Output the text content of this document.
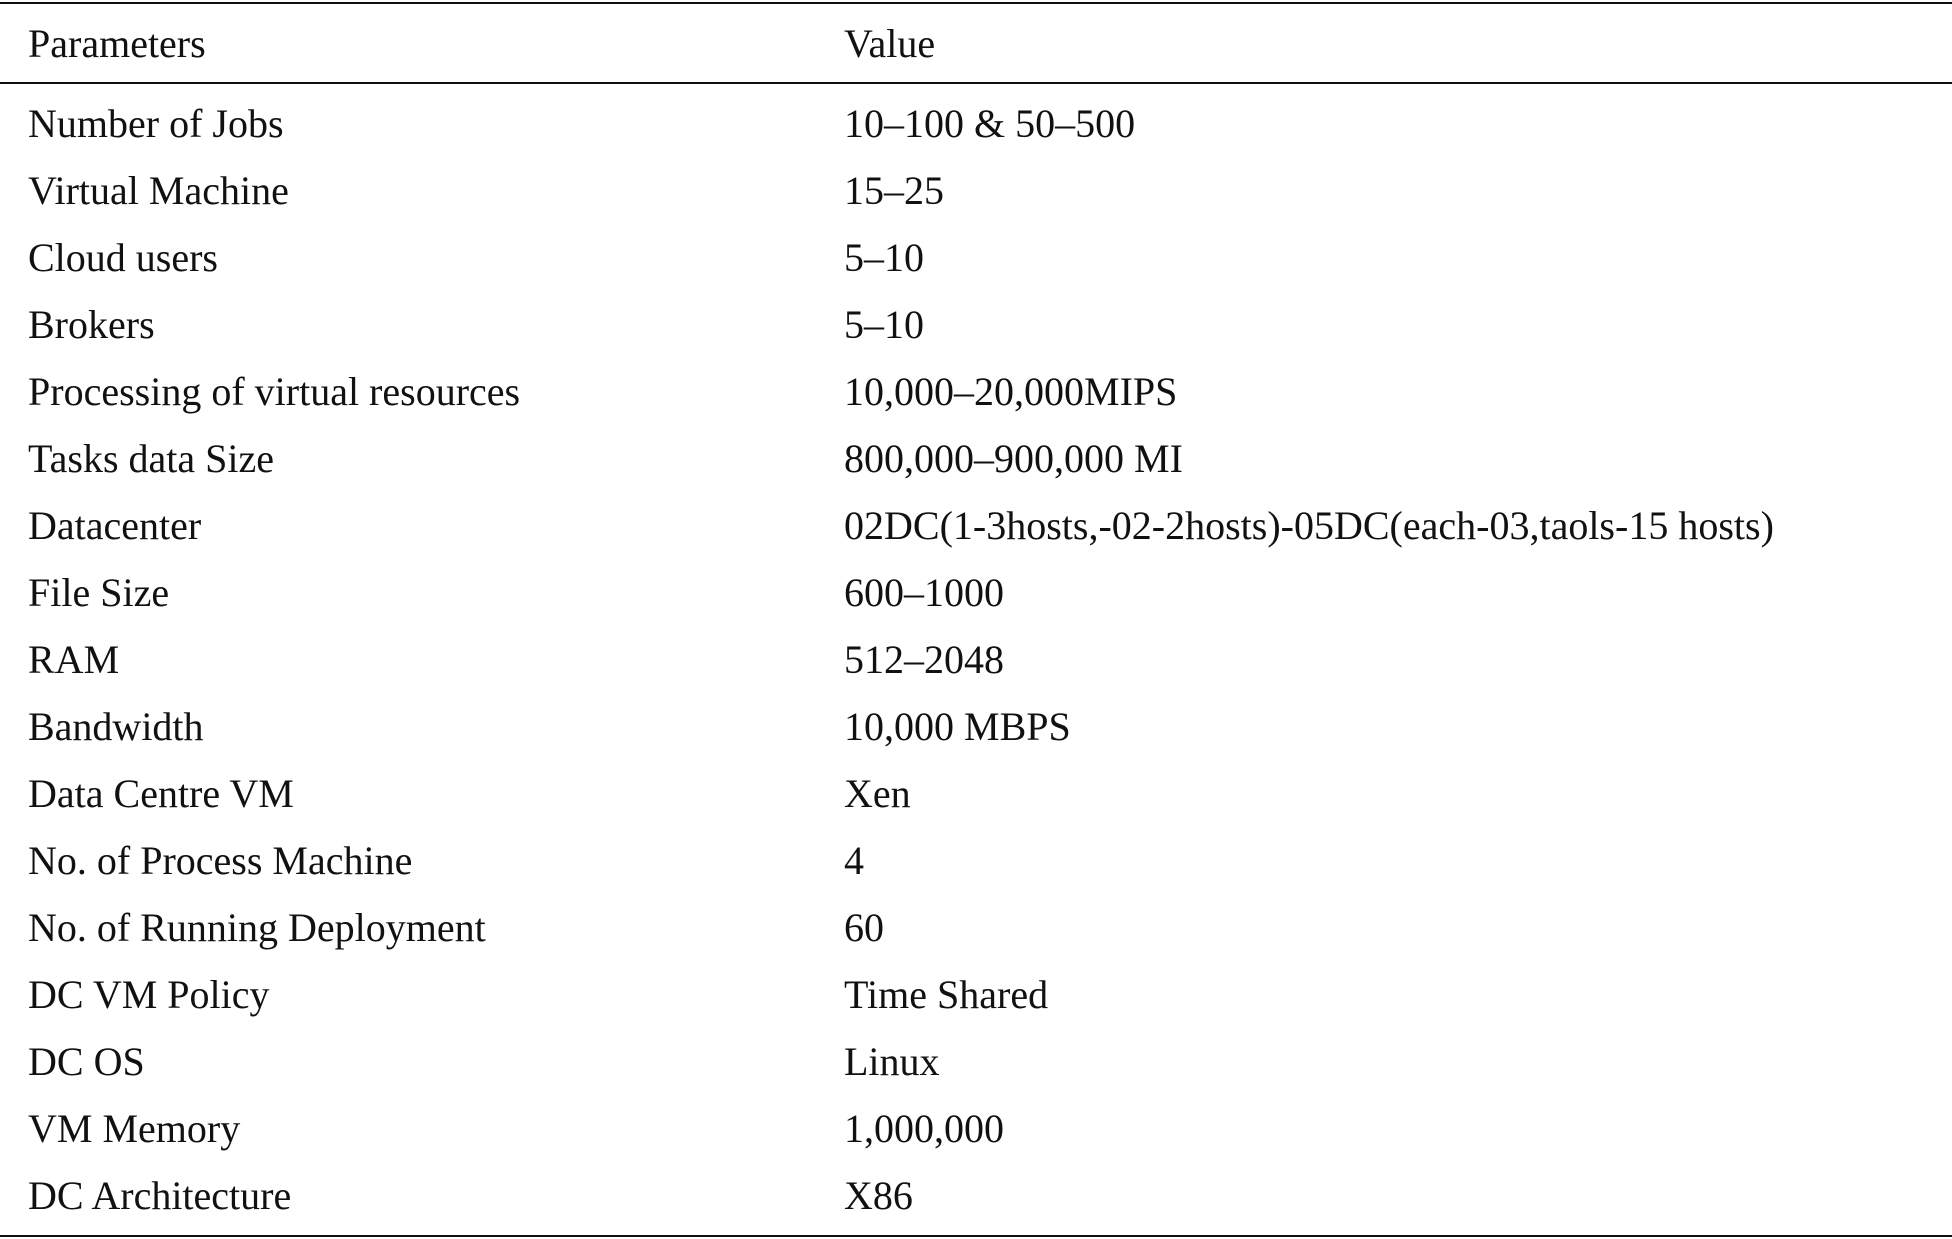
Parameters	Value
Number of Jobs	10–100 & 50–500
Virtual Machine	15–25
Cloud users	5–10
Brokers	5–10
Processing of virtual resources	10,000–20,000MIPS
Tasks data Size	800,000–900,000 MI
Datacenter	02DC(1-3hosts,-02-2hosts)-05DC(each-03,taols-15 hosts)
File Size	600–1000
RAM	512–2048
Bandwidth	10,000 MBPS
Data Centre VM	Xen
No. of Process Machine	4
No. of Running Deployment	60
DC VM Policy	Time Shared
DC OS	Linux
VM Memory	1,000,000
DC Architecture	X86
